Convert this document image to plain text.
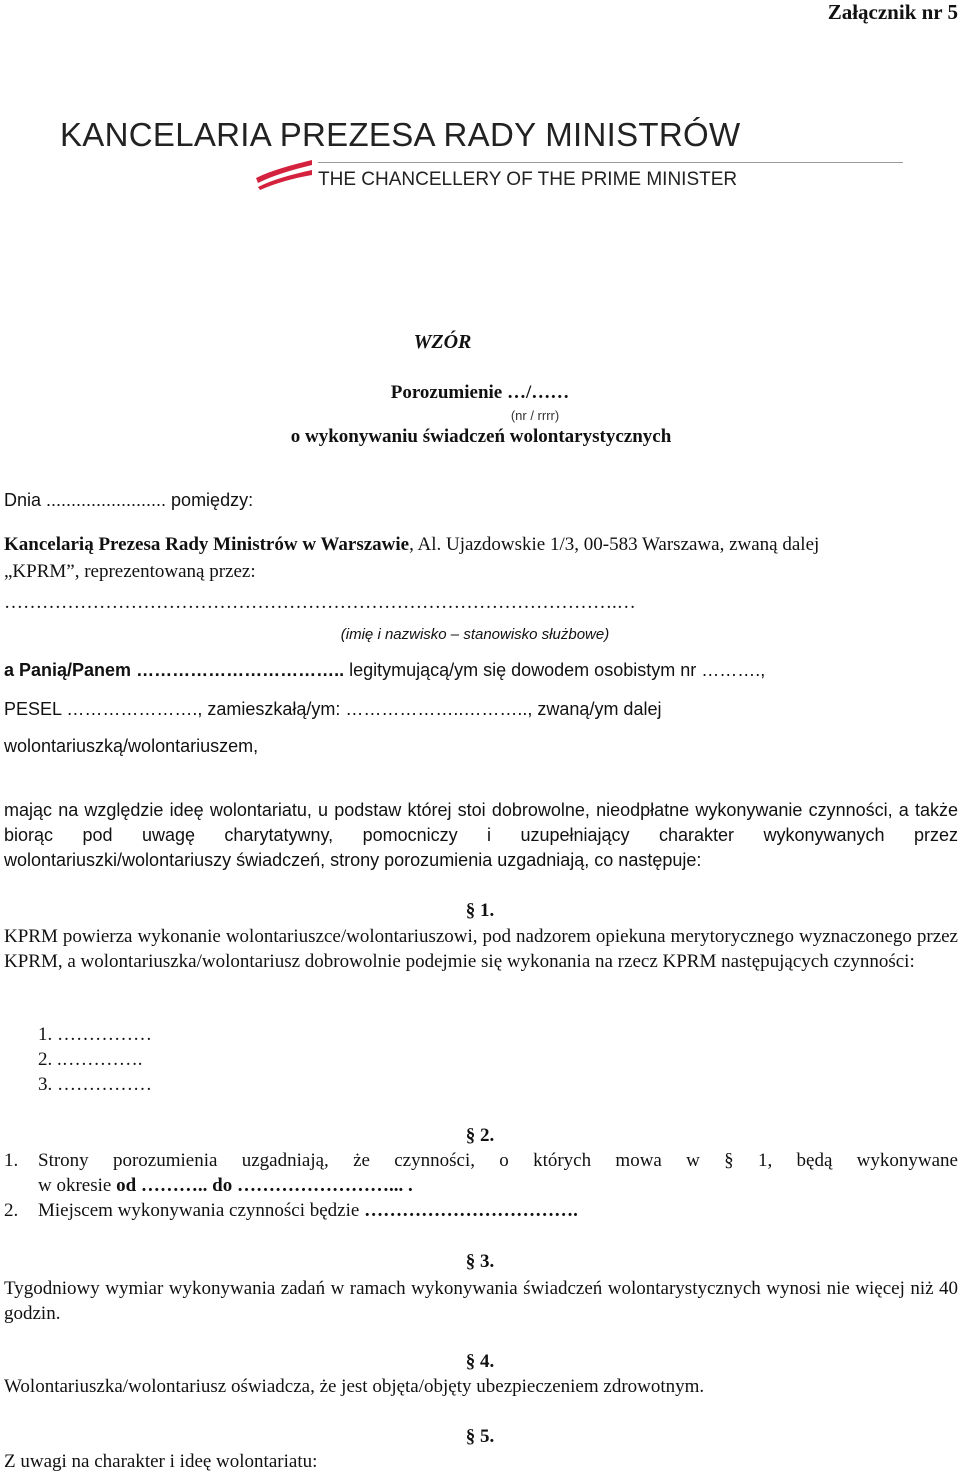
Załącznik nr 5
KANCELARIA PREZESA RADY MINISTRÓW
THE CHANCELLERY OF THE PRIME MINISTER
WZÓR
Porozumienie …/……
(nr / rrrr)
o wykonywaniu świadczeń wolontarystycznych
Dnia ........................ pomiędzy:
Kancelarią Prezesa Rady Ministrów w Warszawie, Al. Ujazdowskie 1/3, 00-583 Warszawa, zwaną dalej
„KPRM”, reprezentowaną przez:
…………………………………………………………………………………….…
(imię i nazwisko – stanowisko służbowe)
a Panią/Panem …………………………….. legitymującą/ym się dowodem osobistym nr ……….,
PESEL …………………., zamieszkałą/ym: ………………..……….., zwaną/ym dalej
wolontariuszką/wolontariuszem,
mając na względzie ideę wolontariatu, u podstaw której stoi dobrowolne, nieodpłatne wykonywanie czynności, a także biorąc pod uwagę charytatywny, pomocniczy i uzupełniający charakter wykonywanych przez wolontariuszki/wolontariuszy świadczeń, strony porozumienia uzgadniają, co następuje:
§ 1.
KPRM powierza wykonanie wolontariuszce/wolontariuszowi, pod nadzorem opiekuna merytorycznego wyznaczonego przez KPRM, a wolontariuszka/wolontariusz dobrowolnie podejmie się wykonania na rzecz KPRM następujących czynności:
1. ……………
2. .………….
3. ……………
§ 2.
1. Strony porozumienia uzgadniają, że czynności, o których mowa w § 1, będą wykonywane
w okresie od ……….. do ……………………... .
2. Miejscem wykonywania czynności będzie …………………………….
§ 3.
Tygodniowy wymiar wykonywania zadań w ramach wykonywania świadczeń wolontarystycznych wynosi nie więcej niż 40 godzin.
§ 4.
Wolontariuszka/wolontariusz oświadcza, że jest objęta/objęty ubezpieczeniem zdrowotnym.
§ 5.
Z uwagi na charakter i ideę wolontariatu:
